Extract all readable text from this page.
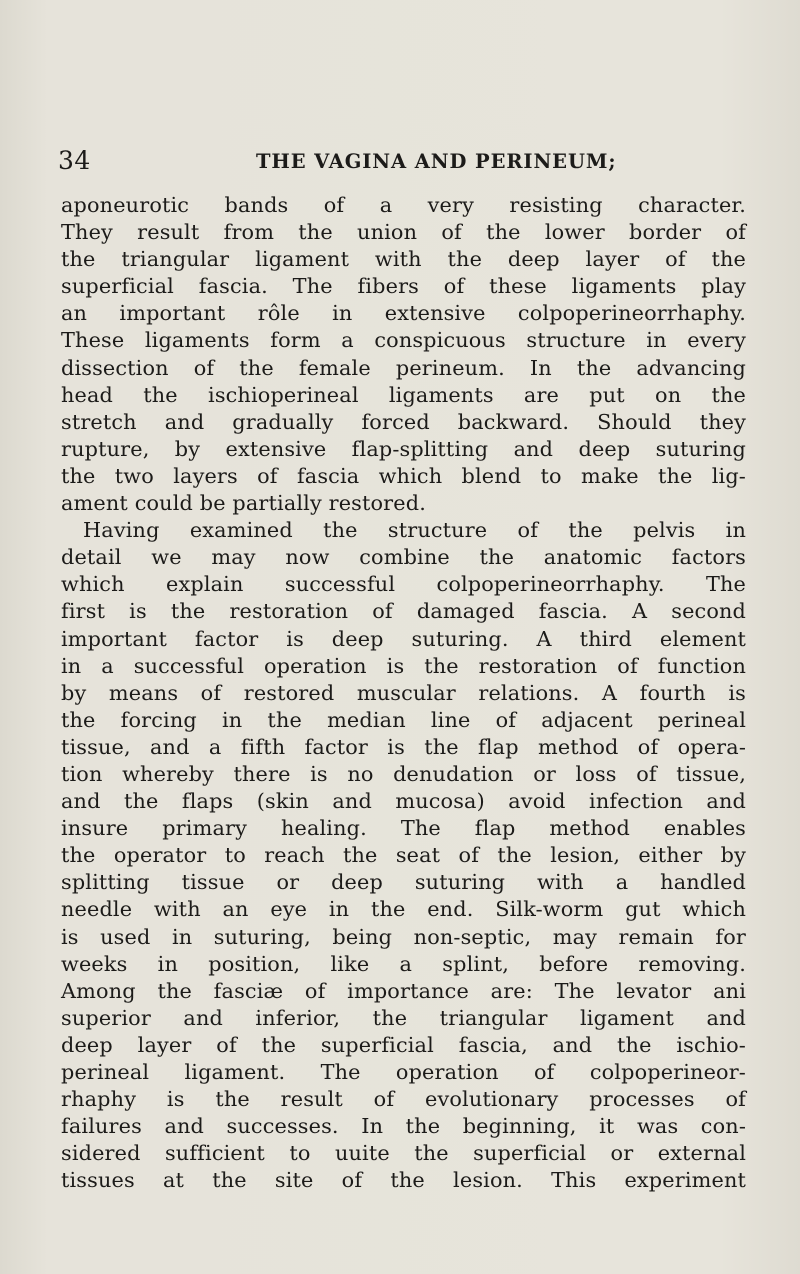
34	THE VAGINA AND PERINEUM;
aponeurotic bands of a very resisting character.
They result from the union of the lower border of
the triangular ligament with the deep layer of the
superficial fascia. The fibers of these ligaments play
an important rôle in extensive colpoperineorrhaphy.
These ligaments form a conspicuous structure in every
dissection of the female perineum. In the advancing
head the ischioperineal ligaments are put on the
stretch and gradually forced backward. Should they
rupture, by extensive flap-splitting and deep suturing
the two layers of fascia which blend to make the lig-
ament could be partially restored.
Having examined the structure of the pelvis in
detail we may now combine the anatomic factors
which explain successful colpoperineorrhaphy. The
first is the restoration of damaged fascia. A second
important factor is deep suturing. A third element
in a successful operation is the restoration of function
by means of restored muscular relations. A fourth is
the forcing in the median line of adjacent perineal
tissue, and a fifth factor is the flap method of opera-
tion whereby there is no denudation or loss of tissue,
and the flaps (skin and mucosa) avoid infection and
insure primary healing. The flap method enables
the operator to reach the seat of the lesion, either by
splitting tissue or deep suturing with a handled
needle with an eye in the end. Silk-worm gut which
is used in suturing, being non-septic, may remain for
weeks in position, like a splint, before removing.
Among the fasciæ of importance are: The levator ani
superior and inferior, the triangular ligament and
deep layer of the superficial fascia, and the ischio-
perineal ligament. The operation of colpoperineor-
rhaphy is the result of evolutionary processes of
failures and successes. In the beginning, it was con-
sidered sufficient to uuite the superficial or external
tissues at the site of the lesion. This experiment
